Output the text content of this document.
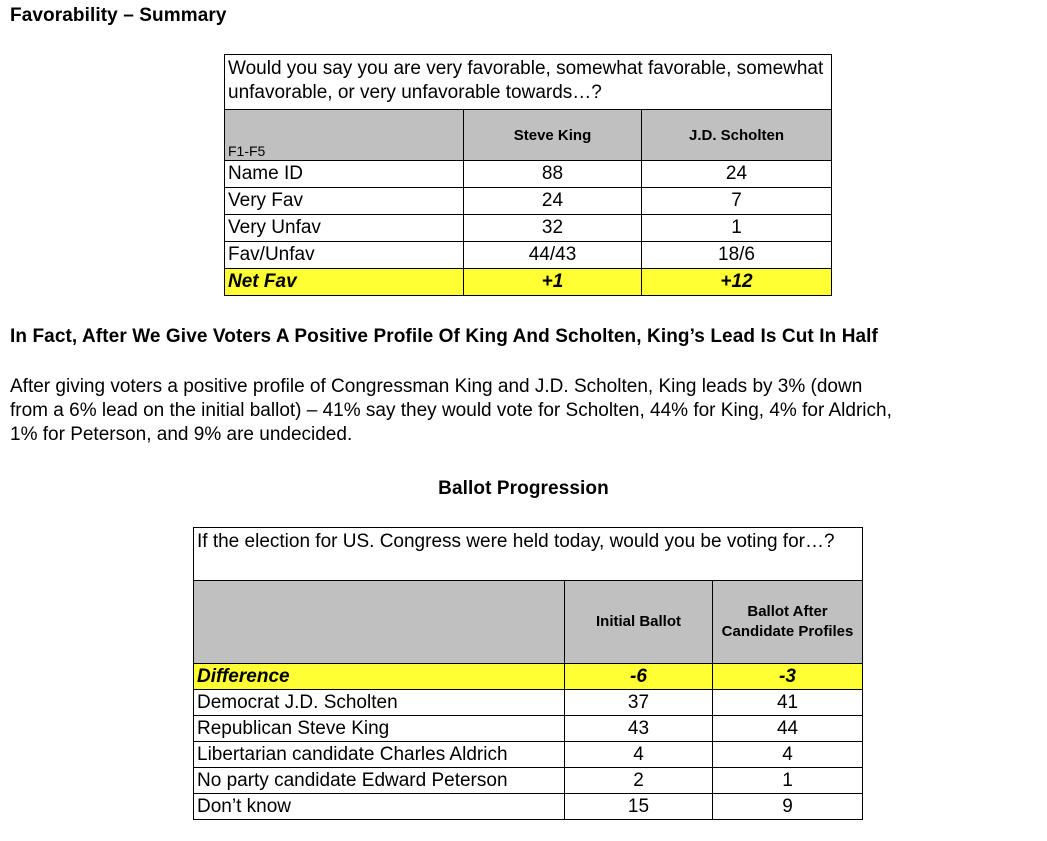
Favorability – Summary
Would you say you are very favorable, somewhat favorable, somewhat unfavorable, or very unfavorable towards…?		
F1-F5	Steve King	J.D. Scholten
Name ID	88	24
Very Fav	24	7
Very Unfav	32	1
Fav/Unfav	44/43	18/6
Net Fav	+1	+12
In Fact, After We Give Voters A Positive Profile Of King And Scholten, King’s Lead Is Cut In Half
After giving voters a positive profile of Congressman King and J.D. Scholten, King leads by 3% (down
from a 6% lead on the initial ballot) – 41% say they would vote for Scholten, 44% for King, 4% for Aldrich,
1% for Peterson, and 9% are undecided.
Ballot Progression
If the election for US. Congress were held today, would you be voting for…?		
	Initial Ballot	Ballot After Candidate Profiles
Difference	-6	-3
Democrat J.D. Scholten	37	41
Republican Steve King	43	44
Libertarian candidate Charles Aldrich	4	4
No party candidate Edward Peterson	2	1
Don’t know	15	9
